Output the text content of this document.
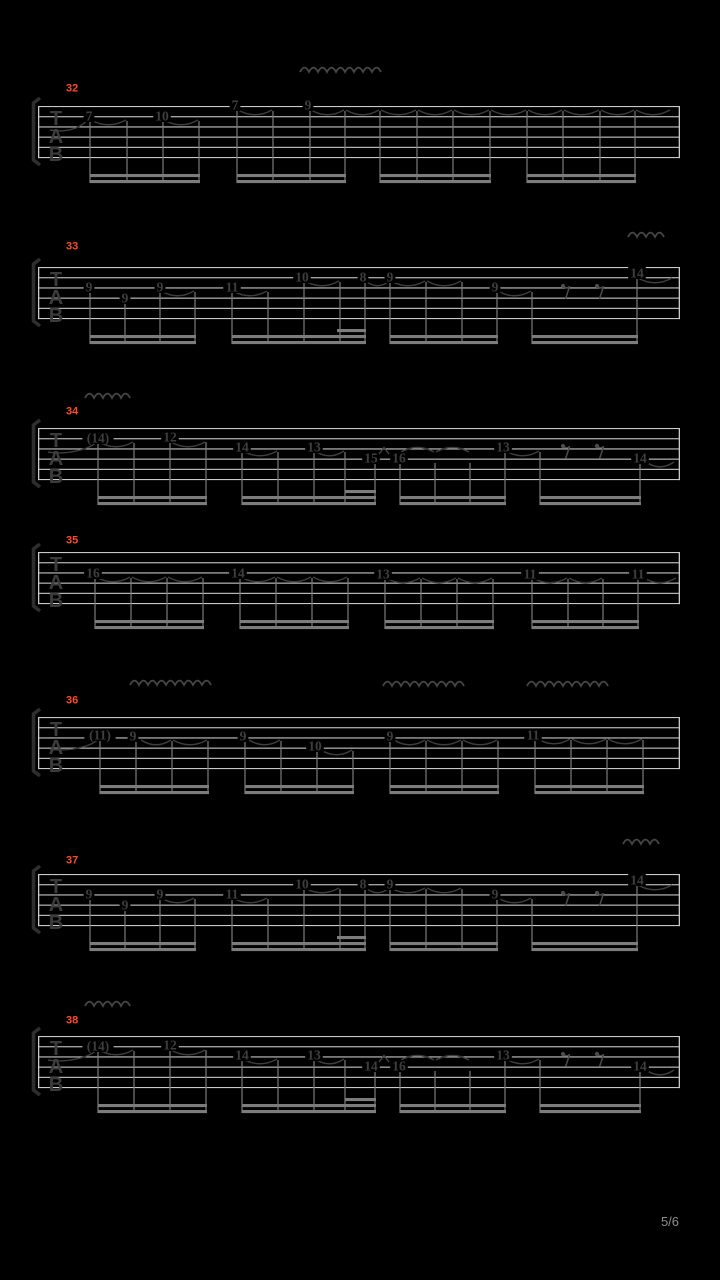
T
A
B
32
7	10
7	9
T
A
B
33
9
9
9	11
10	8 9
9
14
T
A
B
34
(14)	12
14	13
15 16
13
14
T
A
B
35
16	14	13	11	11
T
A
B
36
(11) 9	9
10
9	11
T
A
B
37
9
9
9	11
10	8 9
9
14
T
A
B
38
(14)	12
14	13
14 16
13
14
5/6
